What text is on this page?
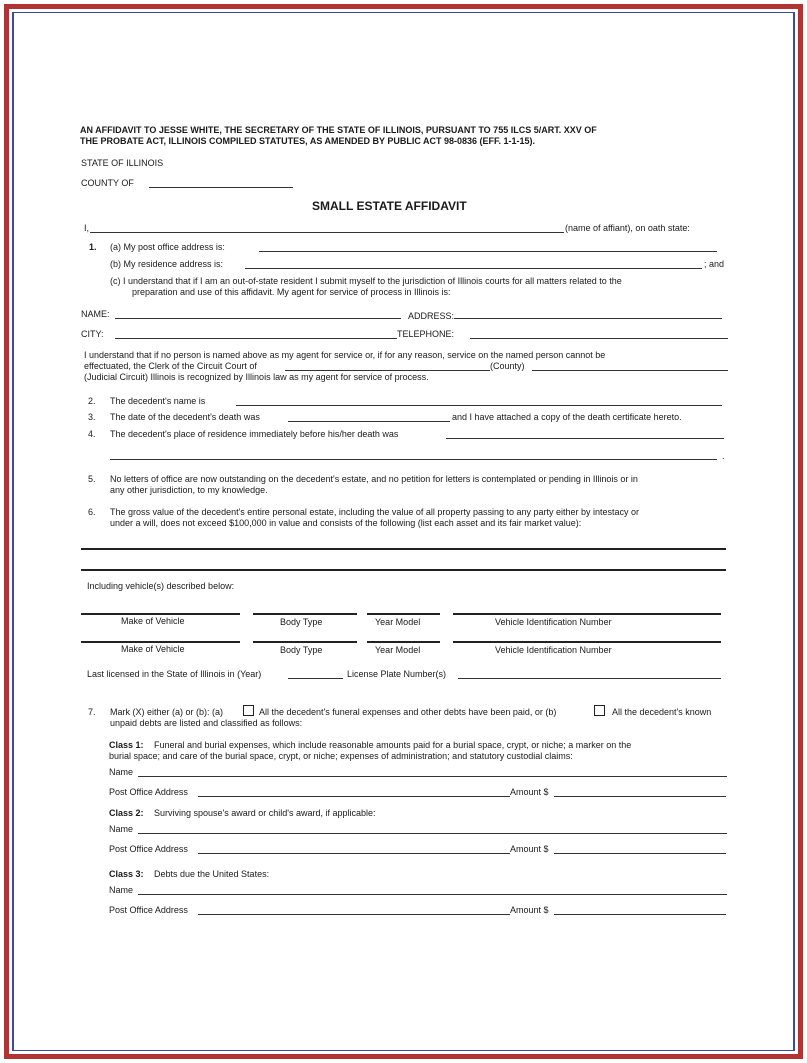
AN AFFIDAVIT TO JESSE WHITE, THE SECRETARY OF THE STATE OF ILLINOIS, PURSUANT TO 755 ILCS 5/ART. XXV OF
THE PROBATE ACT, ILLINOIS COMPILED STATUTES, AS AMENDED BY PUBLIC ACT 98-0836 (EFF. 1-1-15).
STATE OF ILLINOIS
COUNTY OF
SMALL ESTATE AFFIDAVIT
I,	(name of affiant), on oath state:
1. (a) My post office address is:
(b) My residence address is:	; and
(c) I understand that if I am an out-of-state resident I submit myself to the jurisdiction of Illinois courts for all matters related to the
preparation and use of this affidavit. My agent for service of process in Illinois is:
NAME:	ADDRESS:
CITY:	TELEPHONE:
I understand that if no person is named above as my agent for service or, if for any reason, service on the named person cannot be
effectuated, the Clerk of the Circuit Court of	(County)
(Judicial Circuit) Illinois is recognized by Illinois law as my agent for service of process.
2. The decedent's name is
3. The date of the decedent's death was	and I have attached a copy of the death certificate hereto.
4. The decedent's place of residence immediately before his/her death was
.
5. No letters of office are now outstanding on the decedent's estate, and no petition for letters is contemplated or pending in Illinois or in
any other jurisdiction, to my knowledge.
6. The gross value of the decedent's entire personal estate, including the value of all property passing to any party either by intestacy or
under a will, does not exceed $100,000 in value and consists of the following (list each asset and its fair market value):
Including vehicle(s) described below:
Make of Vehicle	Body Type	Year Model	Vehicle Identification Number
Make of Vehicle	Body Type	Year Model	Vehicle Identification Number
Last licensed in the State of Illinois in (Year)	License Plate Number(s)
7. Mark (X) either (a) or (b): (a)	All the decedent's funeral expenses and other debts have been paid, or (b)	All the decedent's known
unpaid debts are listed and classified as follows:
Class 1: Funeral and burial expenses, which include reasonable amounts paid for a burial space, crypt, or niche; a marker on the
burial space; and care of the burial space, crypt, or niche; expenses of administration; and statutory custodial claims:
Name
Post Office Address	Amount $
Class 2: Surviving spouse's award or child's award, if applicable:
Name
Post Office Address	Amount $
Class 3: Debts due the United States:
Name
Post Office Address	Amount $
